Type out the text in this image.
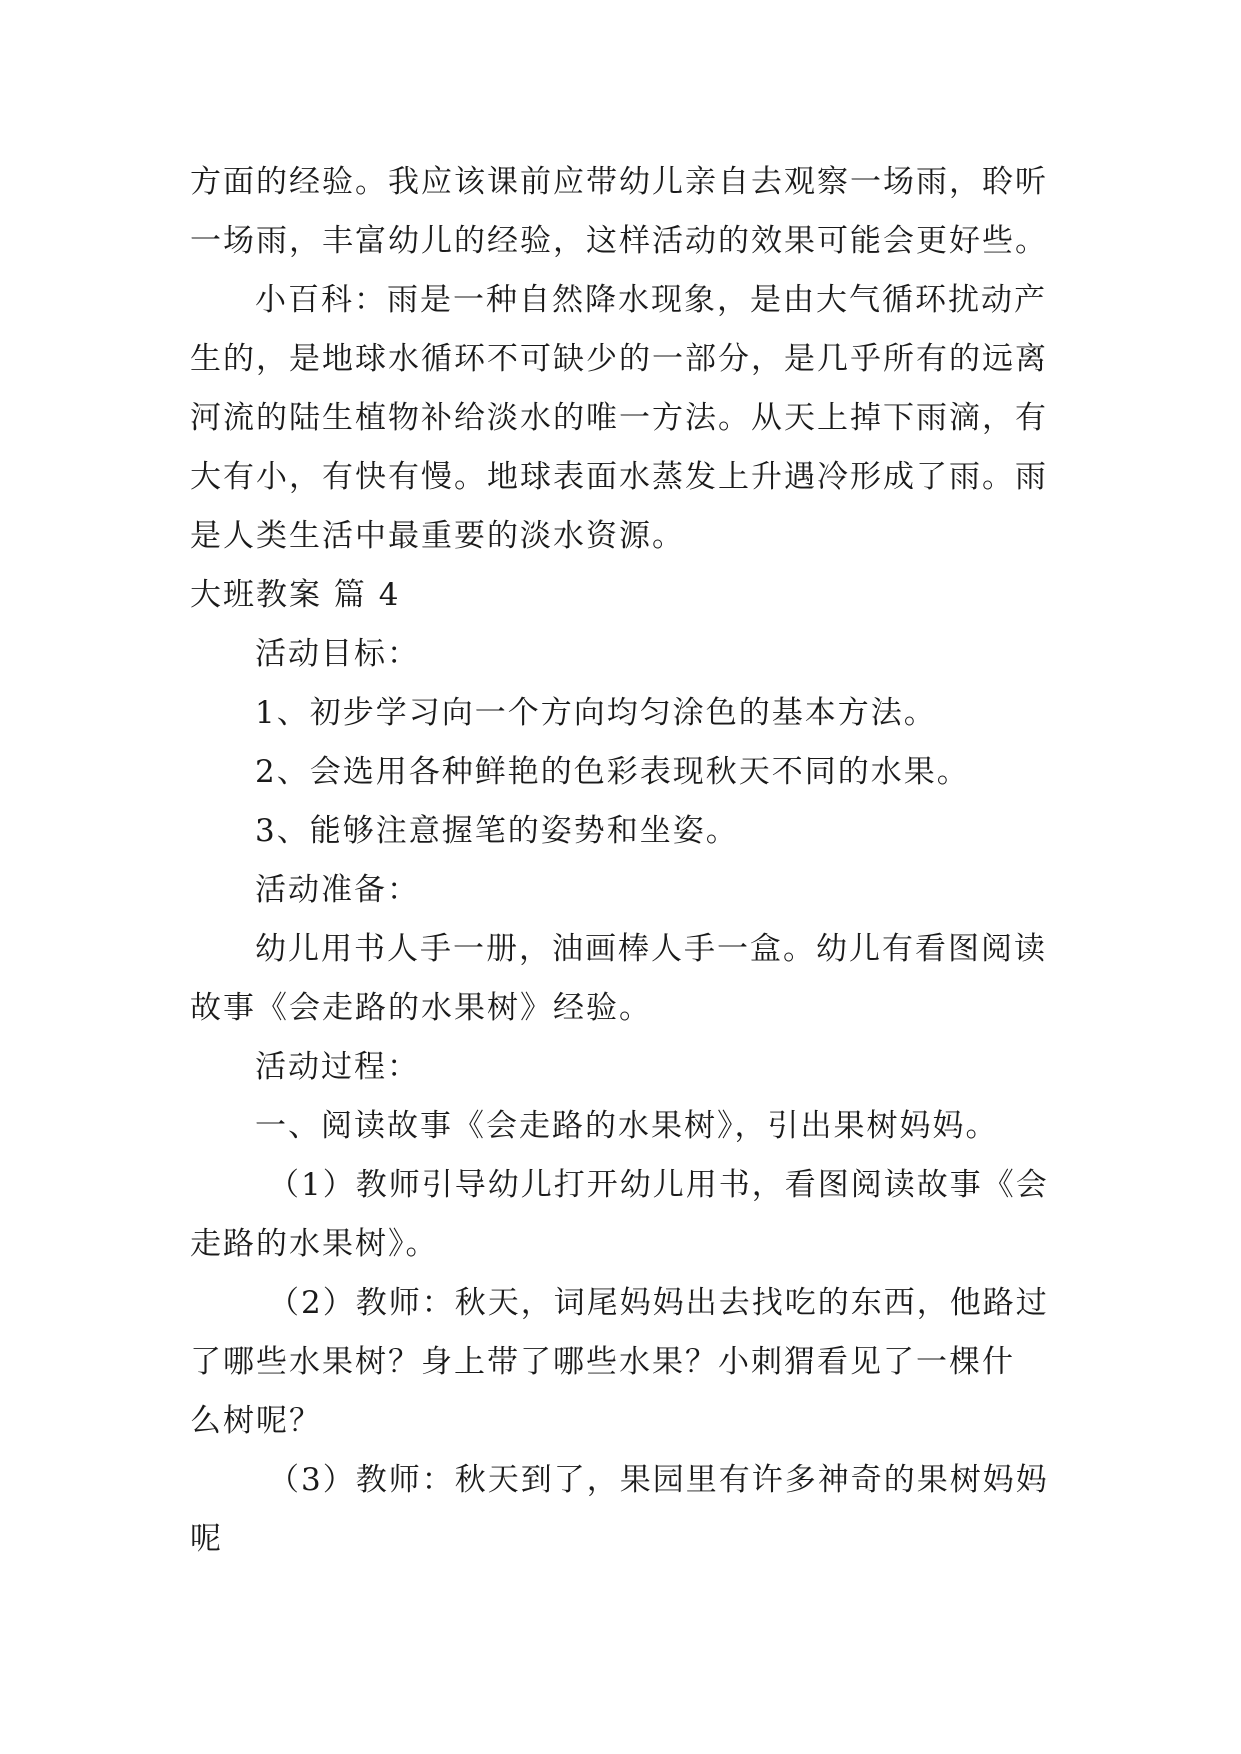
方面的经验。我应该课前应带幼儿亲自去观察一场雨，聆听
一场雨，丰富幼儿的经验，这样活动的效果可能会更好些。
小百科：雨是一种自然降水现象，是由大气循环扰动产
生的，是地球水循环不可缺少的一部分，是几乎所有的远离
河流的陆生植物补给淡水的唯一方法。从天上掉下雨滴，有
大有小，有快有慢。地球表面水蒸发上升遇冷形成了雨。雨
是人类生活中最重要的淡水资源。
大班教案 篇 4
活动目标：
1、初步学习向一个方向均匀涂色的基本方法。
2、会选用各种鲜艳的色彩表现秋天不同的水果。
3、能够注意握笔的姿势和坐姿。
活动准备：
幼儿用书人手一册，油画棒人手一盒。幼儿有看图阅读
故事《会走路的水果树》经验。
活动过程：
一、阅读故事《会走路的水果树》，引出果树妈妈。
（1）教师引导幼儿打开幼儿用书，看图阅读故事《会
走路的水果树》。
（2）教师：秋天，词尾妈妈出去找吃的东西，他路过
了哪些水果树？身上带了哪些水果？小刺猬看见了一棵什
么树呢？
（3）教师：秋天到了，果园里有许多神奇的果树妈妈
呢
